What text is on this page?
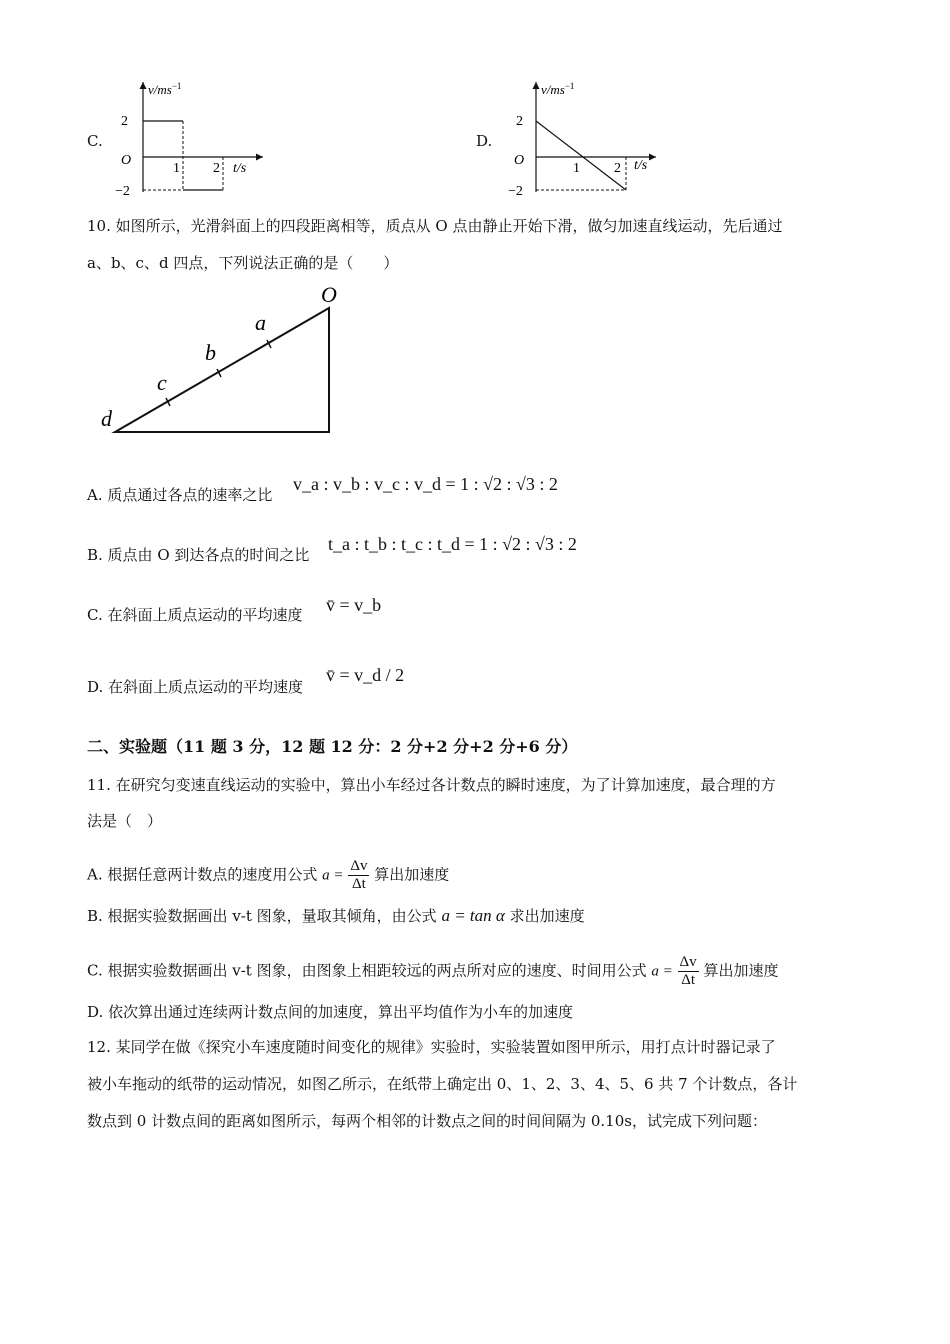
C.
$v/ms^{-1}$
2
−2
O
1 2 t/s
D.
$v/ms^{-1}$
2
−2
O
1 2 t/s
10. 如图所示，光滑斜面上的四段距离相等，质点从 O 点由静止开始下滑，做匀加速直线运动，先后通过
a、b、c、d 四点，下列说法正确的是（　　）
O
a
b
c
d
A. 质点通过各点的速率之比
v_a : v_b : v_c : v_d = 1 : √2 : √3 : 2
B. 质点由 O 到达各点的时间之比
t_a : t_b : t_c : t_d = 1 : √2 : √3 : 2
C. 在斜面上质点运动的平均速度 v̄ = v_b
D. 在斜面上质点运动的平均速度
v̄ = v_d / 2
二、实验题（11 题 3 分，12 题 12 分：2 分+2 分+2 分+6 分）
11. 在研究匀变速直线运动的实验中，算出小车经过各计数点的瞬时速度，为了计算加速度，最合理的方
法是（　）
A. 根据任意两计数点的速度用公式 $a = \frac{\Delta v}{\Delta t}$ 算出加速度
B. 根据实验数据画出 v-t 图象，量取其倾角，由公式 a = tan α 求出加速度
C. 根据实验数据画出 v-t 图象，由图象上相距较远的两点所对应的速度、时间用公式 $a = \frac{\Delta v}{\Delta t}$ 算出加速度
D. 依次算出通过连续两计数点间的加速度，算出平均值作为小车的加速度
12. 某同学在做《探究小车速度随时间变化的规律》实验时，实验装置如图甲所示，用打点计时器记录了
被小车拖动的纸带的运动情况，如图乙所示，在纸带上确定出 0、1、2、3、4、5、6 共 7 个计数点，各计
数点到 0 计数点间的距离如图所示，每两个相邻的计数点之间的时间间隔为 0.10s，试完成下列问题：
